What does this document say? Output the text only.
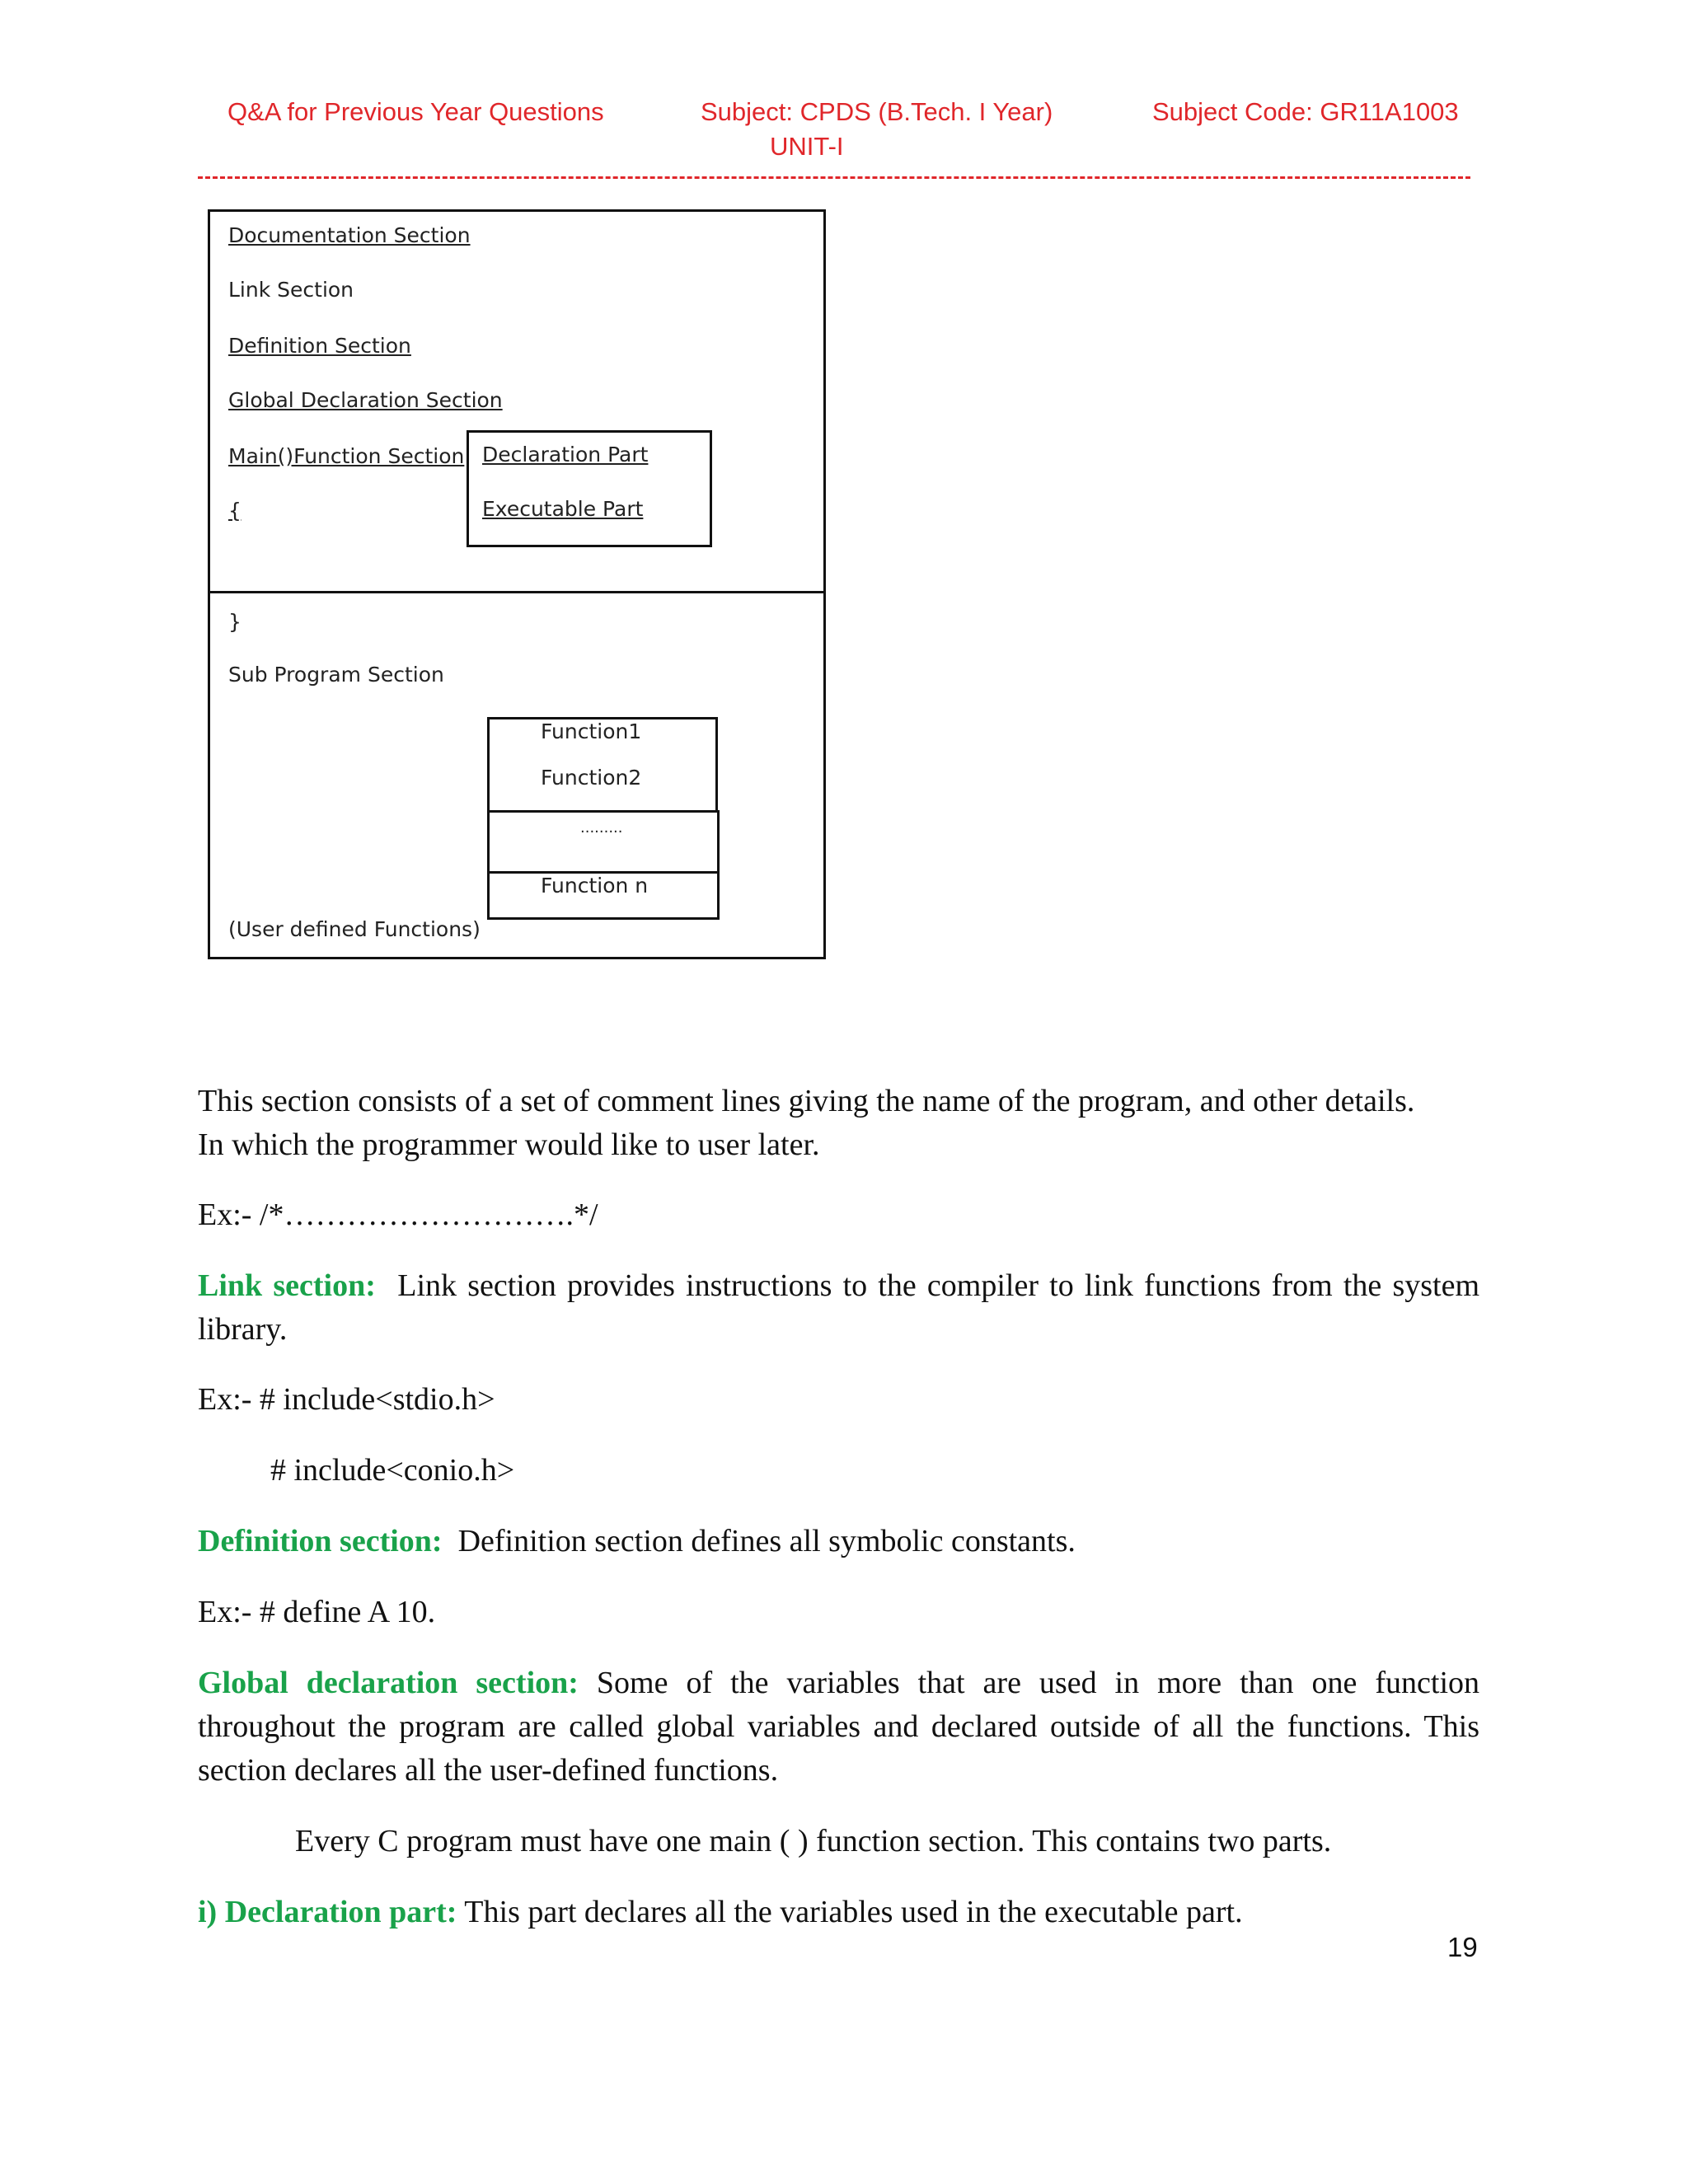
Q&A for Previous Year Questions	Subject: CPDS (B.Tech. I Year)	Subject Code: GR11A1003
UNIT-I
Documentation Section
Link Section
Definition Section
Global Declaration Section
Main()Function Section
{
Declaration Part
Executable Part
}
Sub Program Section
Function1
Function2
.........
Function n
(User defined Functions)
This section consists of a set of comment lines giving the name of the program, and other details.
In which the programmer would like to user later.
Ex:- /*……………………….*/
Link section: Link section provides instructions to the compiler to link functions from the system library.
Ex:- # include<stdio.h>
# include<conio.h>
Definition section: Definition section defines all symbolic constants.
Ex:- # define A 10.
Global declaration section: Some of the variables that are used in more than one function throughout the program are called global variables and declared outside of all the functions. This section declares all the user-defined functions.
Every C program must have one main ( ) function section. This contains two parts.
i) Declaration part: This part declares all the variables used in the executable part.
19
